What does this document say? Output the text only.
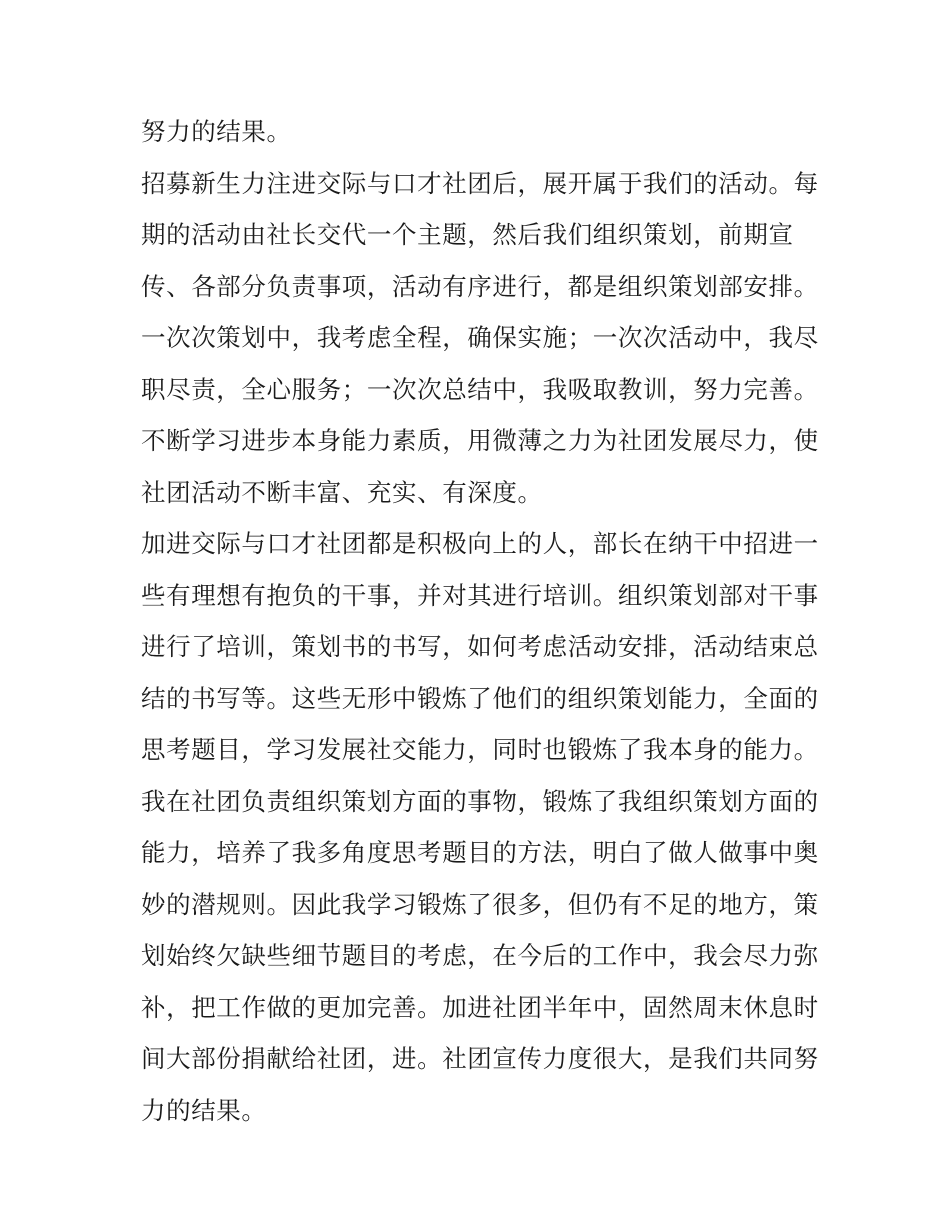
努力的结果。
招募新生力注进交际与口才社团后，展开属于我们的活动。每
期的活动由社长交代一个主题，然后我们组织策划，前期宣
传、各部分负责事项，活动有序进行，都是组织策划部安排。
一次次策划中，我考虑全程，确保实施；一次次活动中，我尽
职尽责，全心服务；一次次总结中，我吸取教训，努力完善。
不断学习进步本身能力素质，用微薄之力为社团发展尽力，使
社团活动不断丰富、充实、有深度。
加进交际与口才社团都是积极向上的人，部长在纳干中招进一
些有理想有抱负的干事，并对其进行培训。组织策划部对干事
进行了培训，策划书的书写，如何考虑活动安排，活动结束总
结的书写等。这些无形中锻炼了他们的组织策划能力，全面的
思考题目，学习发展社交能力，同时也锻炼了我本身的能力。
我在社团负责组织策划方面的事物，锻炼了我组织策划方面的
能力，培养了我多角度思考题目的方法，明白了做人做事中奥
妙的潜规则。因此我学习锻炼了很多，但仍有不足的地方，策
划始终欠缺些细节题目的考虑，在今后的工作中，我会尽力弥
补，把工作做的更加完善。加进社团半年中，固然周末休息时
间大部份捐献给社团，进。社团宣传力度很大，是我们共同努
力的结果。
